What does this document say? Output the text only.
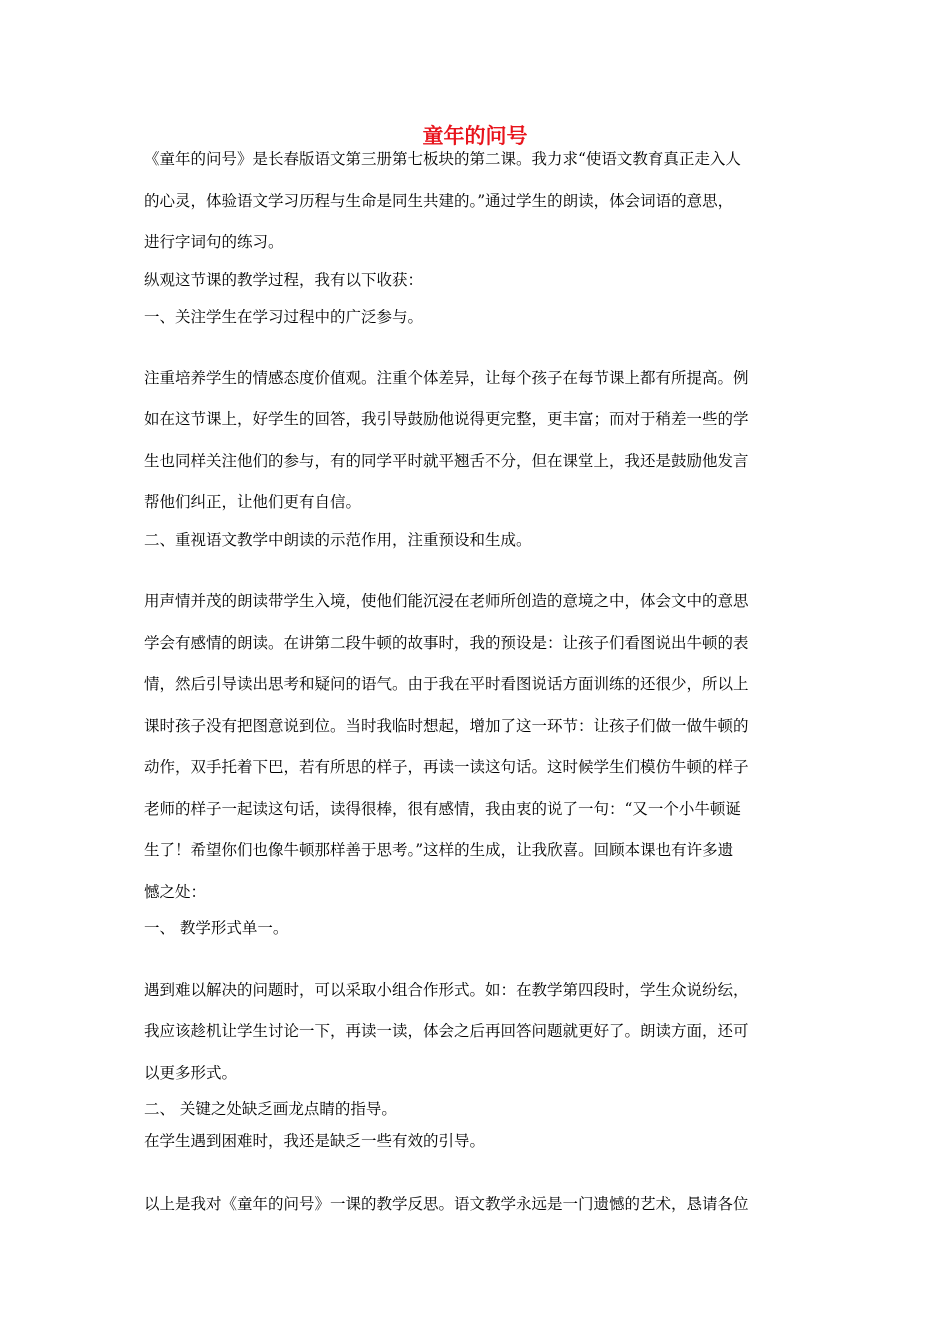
童年的问号

《童年的问号》是长春版语文第三册第七板块的第二课。我力求“使语文教育真正走入人

的心灵，体验语文学习历程与生命是同生共建的。”通过学生的朗读，体会词语的意思，

进行字词句的练习。

纵观这节课的教学过程，我有以下收获：

一、关注学生在学习过程中的广泛参与。

注重培养学生的情感态度价值观。注重个体差异，让每个孩子在每节课上都有所提高。例

如在这节课上，好学生的回答，我引导鼓励他说得更完整，更丰富；而对于稍差一些的学

生也同样关注他们的参与，有的同学平时就平翘舌不分，但在课堂上，我还是鼓励他发言

帮他们纠正，让他们更有自信。

二、重视语文教学中朗读的示范作用，注重预设和生成。

用声情并茂的朗读带学生入境，使他们能沉浸在老师所创造的意境之中，体会文中的意思

学会有感情的朗读。在讲第二段牛顿的故事时，我的预设是：让孩子们看图说出牛顿的表

情，然后引导读出思考和疑问的语气。由于我在平时看图说话方面训练的还很少，所以上

课时孩子没有把图意说到位。当时我临时想起，增加了这一环节：让孩子们做一做牛顿的

动作，双手托着下巴，若有所思的样子，再读一读这句话。这时候学生们模仿牛顿的样子

老师的样子一起读这句话，读得很棒，很有感情，我由衷的说了一句：“又一个小牛顿诞

生了！希望你们也像牛顿那样善于思考。”这样的生成，让我欣喜。回顾本课也有许多遗

憾之处：

一、 教学形式单一。

遇到难以解决的问题时，可以采取小组合作形式。如：在教学第四段时，学生众说纷纭，

我应该趁机让学生讨论一下，再读一读，体会之后再回答问题就更好了。朗读方面，还可

以更多形式。

二、 关键之处缺乏画龙点睛的指导。

在学生遇到困难时，我还是缺乏一些有效的引导。

以上是我对《童年的问号》一课的教学反思。语文教学永远是一门遗憾的艺术，恳请各位
